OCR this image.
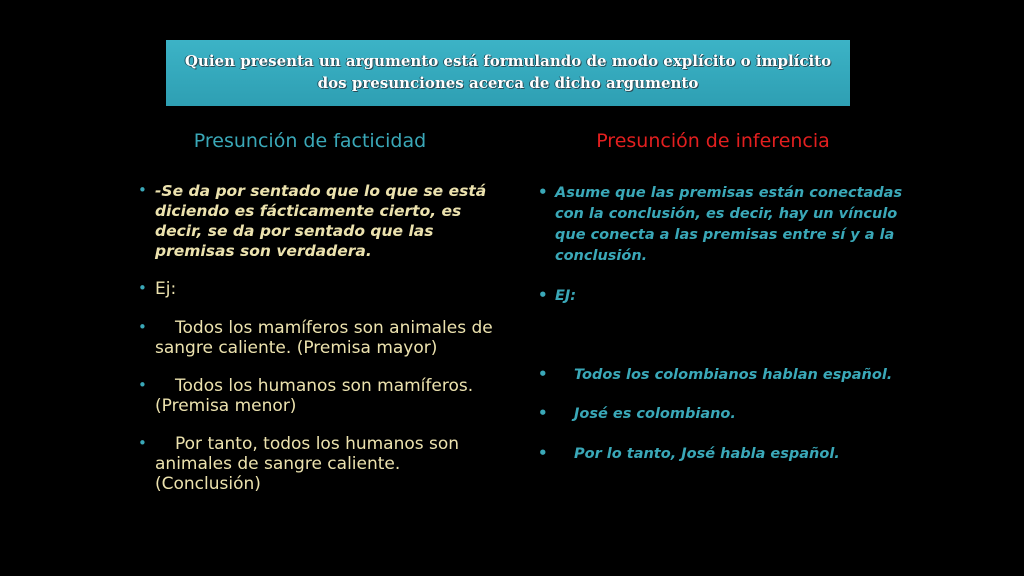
Quien presenta un argumento está formulando de modo explícito o implícito dos presunciones acerca de dicho argumento
Presunción de facticidad	Presunción de inferencia
• -Se da por sentado que lo que se está diciendo es fácticamente cierto, es decir, se da por sentado que las premisas son verdadera.
• Ej:
•	Todos los mamíferos son animales de sangre caliente. (Premisa mayor)
•	Todos los humanos son mamíferos. (Premisa menor)
•	Por tanto, todos los humanos son animales de sangre caliente. (Conclusión)
• Asume que las premisas están conectadas con la conclusión, es decir, hay un vínculo que conecta a las premisas entre sí y a la conclusión.
• EJ:
• Todos los colombianos hablan español.
• José es colombiano.
• Por lo tanto, José habla español.
